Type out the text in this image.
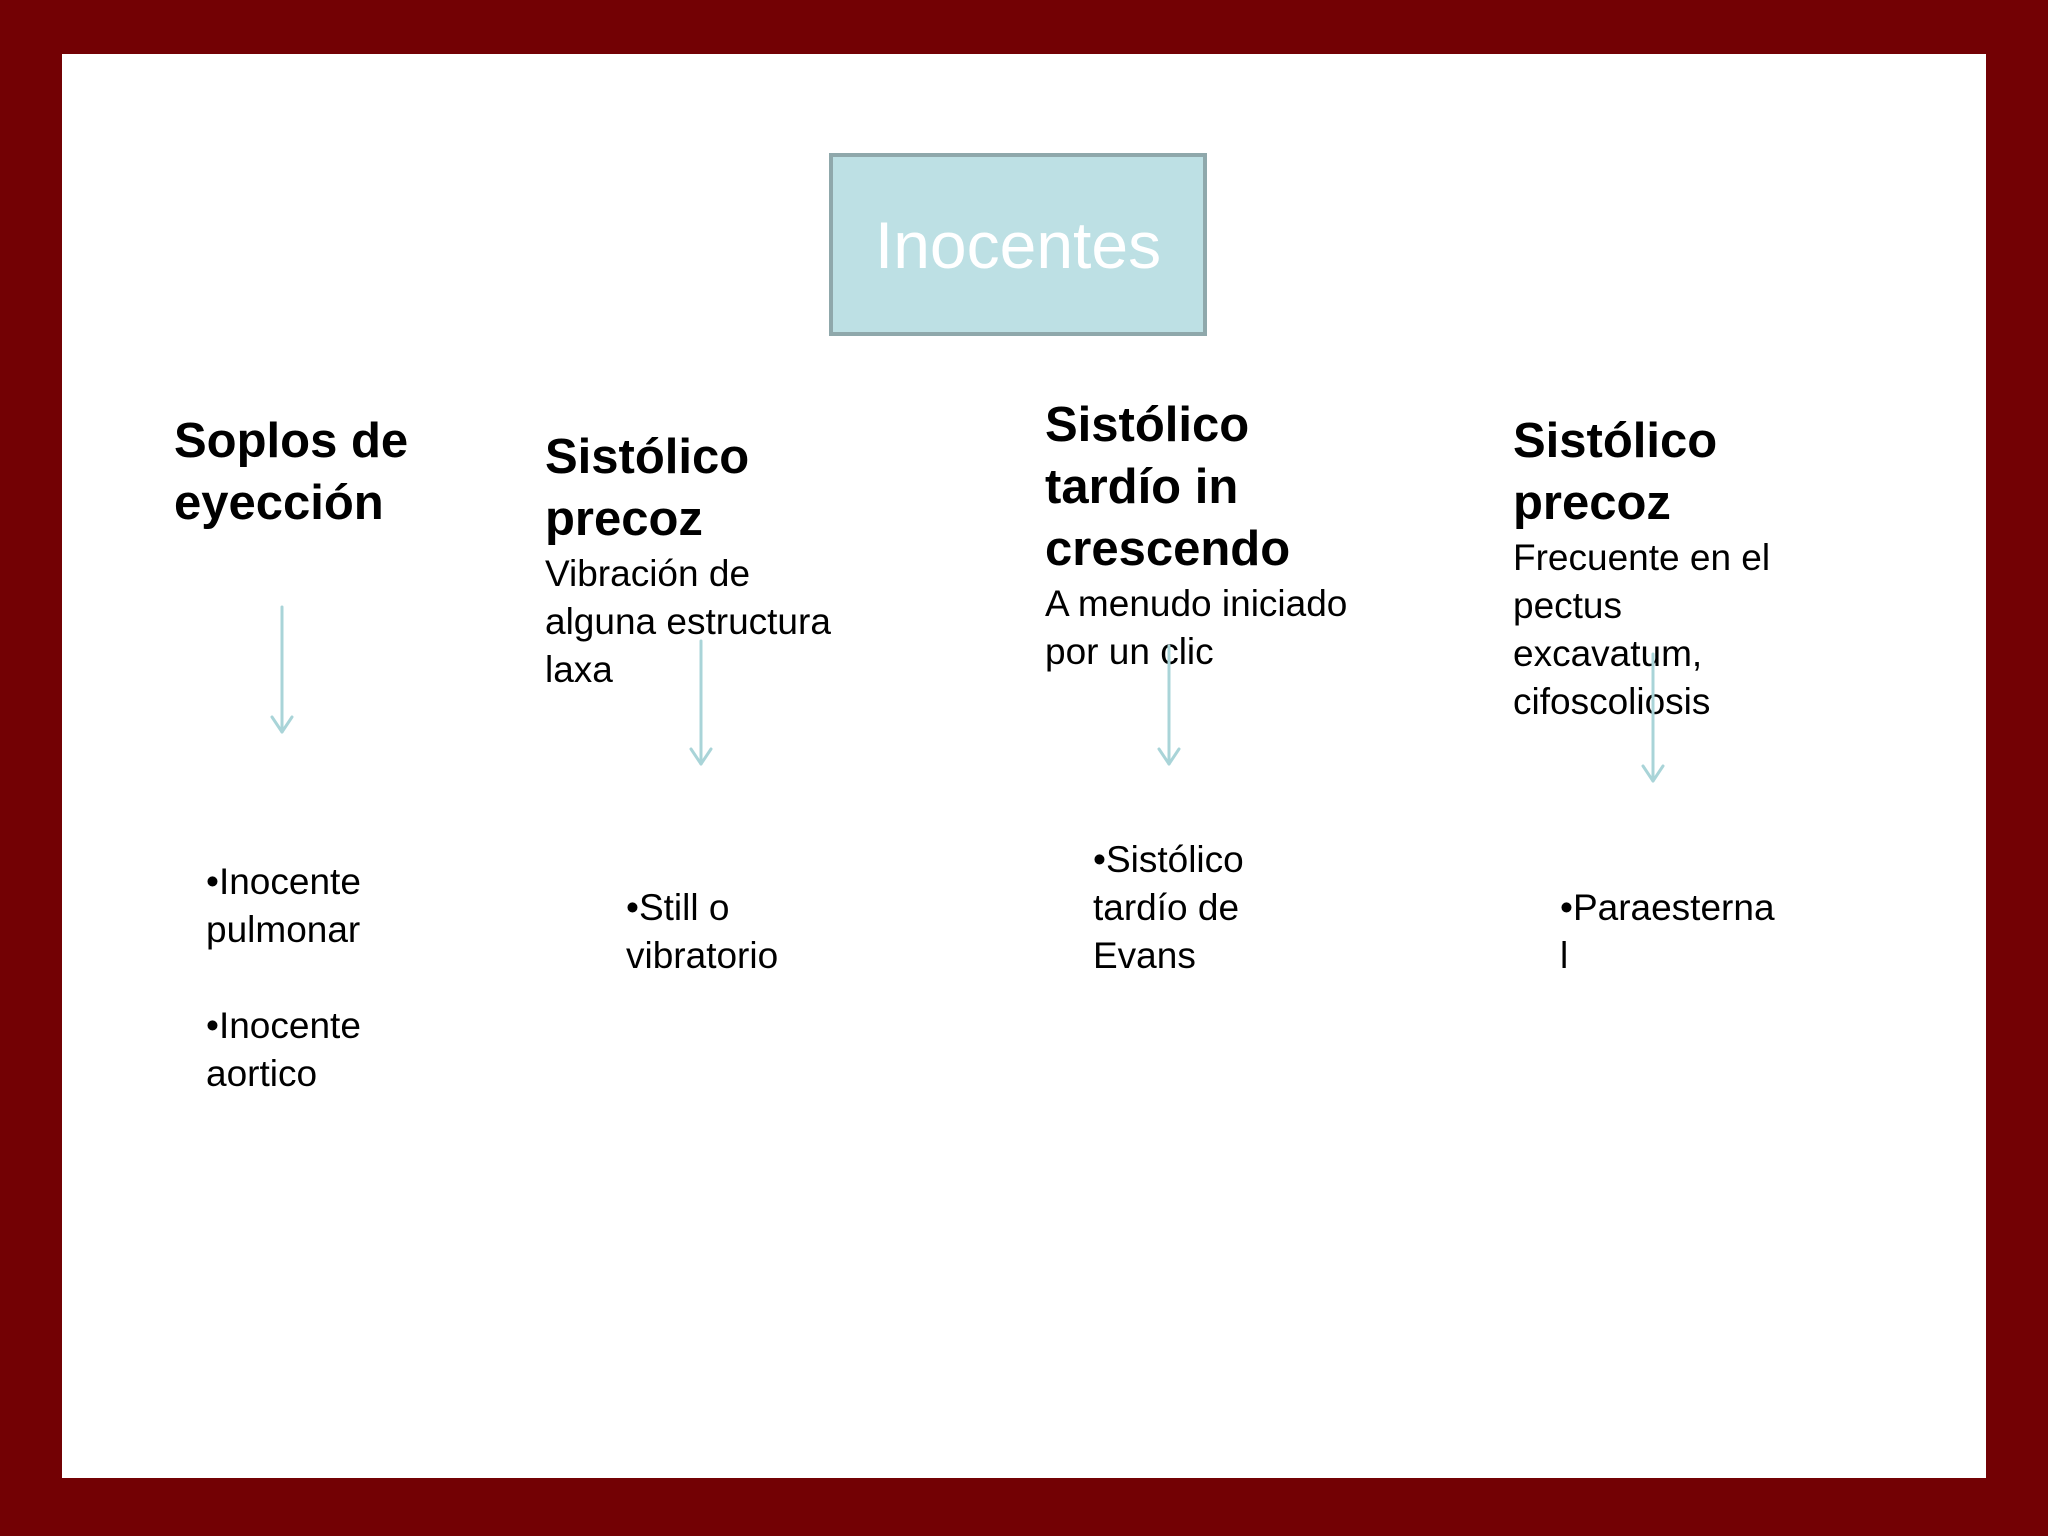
Inocentes

Soplos de
eyección

•Inocente
pulmonar
•Inocente
aortico

Sistólico
precoz

Vibración de
alguna estructura
laxa

•Still o
vibratorio

Sistólico
tardío in
crescendo

A menudo iniciado
por un clic

•Sistólico
tardío de
Evans

Sistólico
precoz

Frecuente en el
pectus
excavatum,
cifoscoliosis

•Paraesterna
l
